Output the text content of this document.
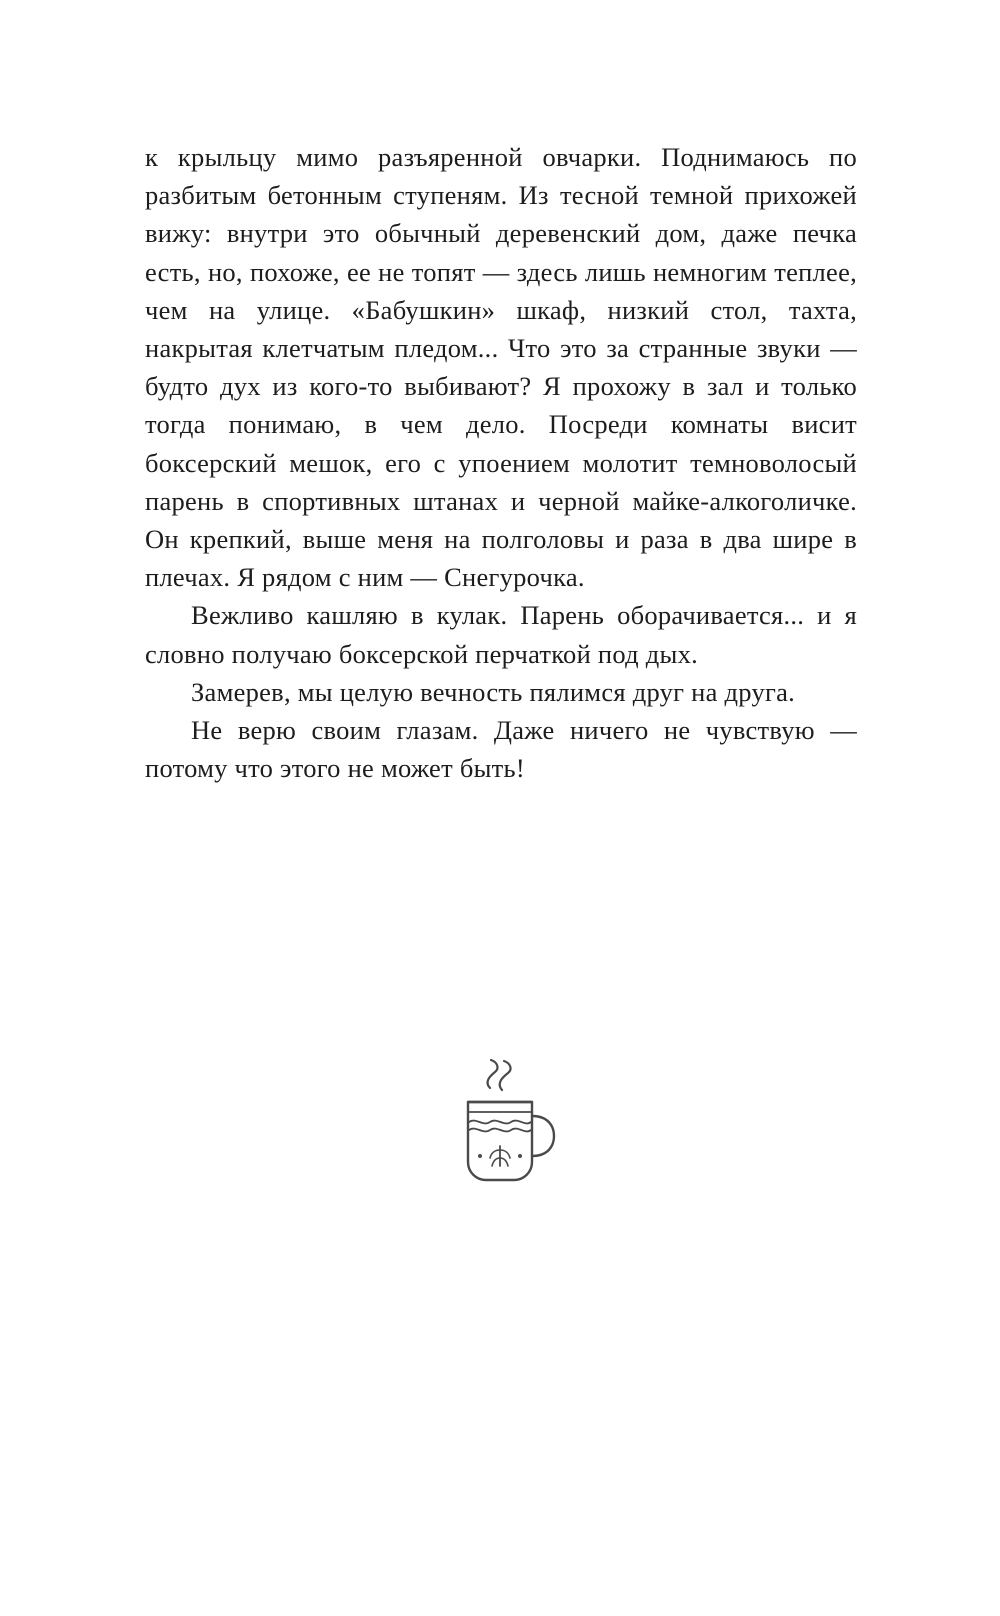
к крыльцу мимо разъяренной овчарки. Поднимаюсь по разбитым бетонным ступеням. Из тесной темной прихожей вижу: внутри это обычный деревенский дом, даже печка есть, но, похоже, ее не топят — здесь лишь немногим теплее, чем на улице. «Бабушкин» шкаф, низкий стол, тахта, накрытая клетчатым пледом... Что это за странные звуки — будто дух из кого-то выбивают? Я прохожу в зал и только тогда понимаю, в чем дело. Посреди комнаты висит боксерский мешок, его с упоением молотит темноволосый парень в спортивных штанах и черной майке-алкоголичке. Он крепкий, выше меня на полголовы и раза в два шире в плечах. Я рядом с ним — Снегурочка.

Вежливо кашляю в кулак. Парень оборачивается... и я словно получаю боксерской перчаткой под дых.

Замерев, мы целую вечность пялимся друг на друга.

Не верю своим глазам. Даже ничего не чувствую — потому что этого не может быть!
